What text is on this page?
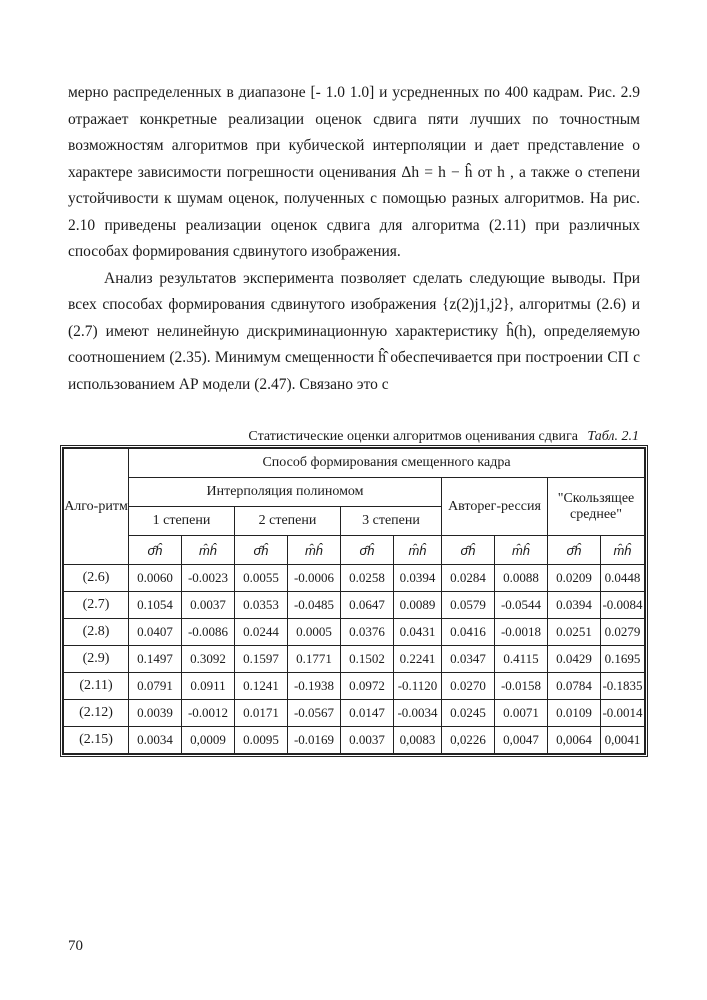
мерно распределенных в диапазоне [- 1.0 1.0] и усредненных по 400 кадрам. Рис. 2.9 отражает конкретные реализации оценок сдвига пяти лучших по точностным возможностям алгоритмов при кубической интерполяции и дает представление о характере зависимости погрешности оценивания Δh = h − ĥ от h , а также о степени устойчивости к шумам оценок, полученных с помощью разных алгоритмов. На рис. 2.10 приведены реализации оценок сдвига для алгоритма (2.11) при различных способах формирования сдвинутого изображения.

Анализ результатов эксперимента позволяет сделать следующие выводы. При всех способах формирования сдвинутого изображения {z(2)j1,j2}, алгоритмы (2.6) и (2.7) имеют нелинейную дискриминационную характеристику ĥ(h), определяемую соотношением (2.35). Минимум смещенности ĥ̂ обеспечивается при построении СП с использованием АР модели (2.47). Связано это с

Статистические оценки алгоритмов оценивания сдвига Табл. 2.1
Алго-ритм	Способ формирования смещенного кадра									
	Интерполяция полиномом						Авторег-рессия		"Скользящее среднее"	
	1 степени		2 степени		3 степени					
	σ̂ĥ	m̂ĥ	σ̂ĥ	m̂ĥ	σ̂ĥ	m̂ĥ	σ̂ĥ	m̂ĥ	σ̂ĥ	m̂ĥ
(2.6)	0.0060	-0.0023	0.0055	-0.0006	0.0258	0.0394	0.0284	0.0088	0.0209	0.0448
(2.7)	0.1054	0.0037	0.0353	-0.0485	0.0647	0.0089	0.0579	-0.0544	0.0394	-0.0084
(2.8)	0.0407	-0.0086	0.0244	0.0005	0.0376	0.0431	0.0416	-0.0018	0.0251	0.0279
(2.9)	0.1497	0.3092	0.1597	0.1771	0.1502	0.2241	0.0347	0.4115	0.0429	0.1695
(2.11)	0.0791	0.0911	0.1241	-0.1938	0.0972	-0.1120	0.0270	-0.0158	0.0784	-0.1835
(2.12)	0.0039	-0.0012	0.0171	-0.0567	0.0147	-0.0034	0.0245	0.0071	0.0109	-0.0014
(2.15)	0.0034	0,0009	0.0095	-0.0169	0.0037	0,0083	0,0226	0,0047	0,0064	0,0041
70
